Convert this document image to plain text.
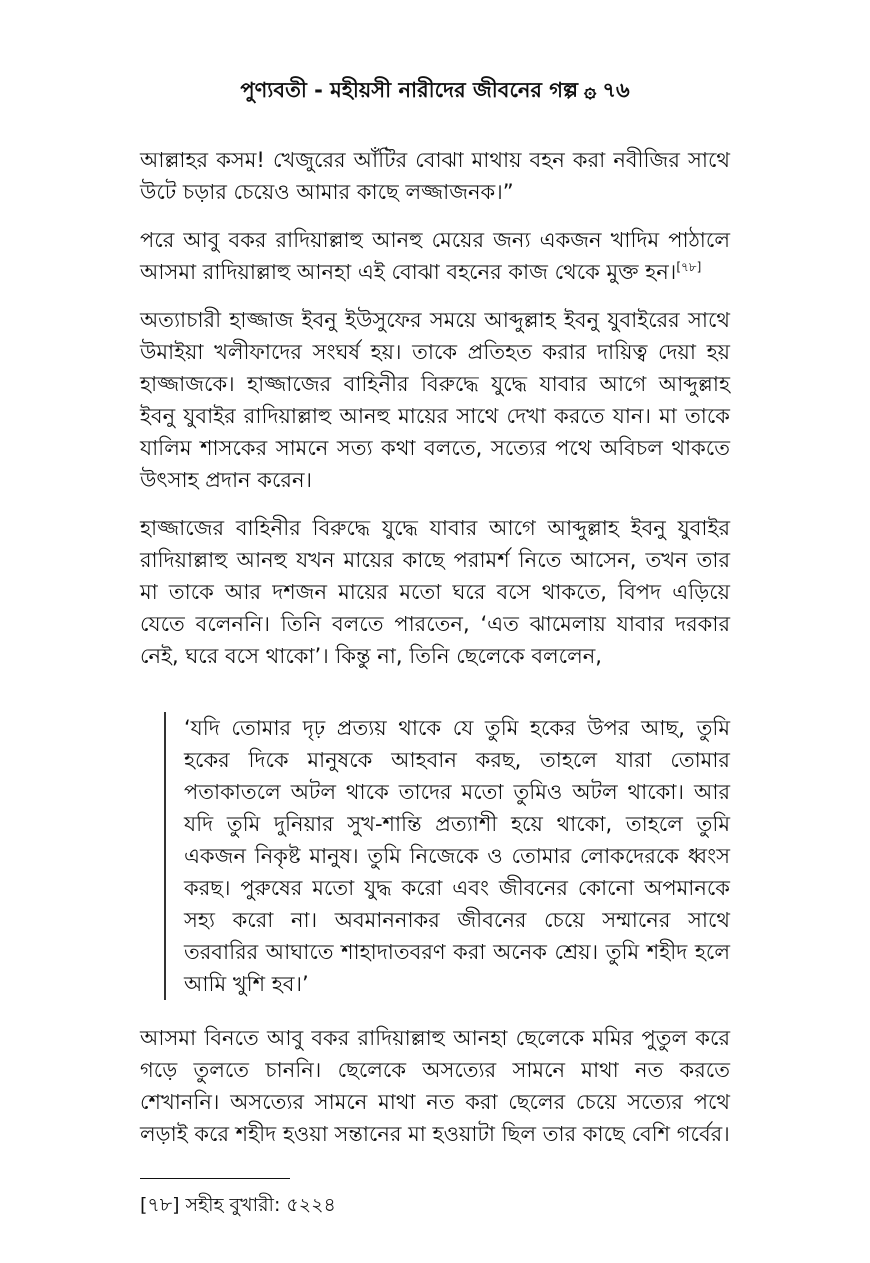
পুণ্যবতী - মহীয়সী নারীদের জীবনের গল্প ۞ ৭৬

আল্লাহর কসম! খেজুরের আঁটির বোঝা মাথায় বহন করা নবীজির সাথে উটে চড়ার চেয়েও আমার কাছে লজ্জাজনক।”

পরে আবু বকর রাদিয়াল্লাহু আনহু মেয়ের জন্য একজন খাদিম পাঠালে আসমা রাদিয়াল্লাহু আনহা এই বোঝা বহনের কাজ থেকে মুক্ত হন।[৭৮]

অত্যাচারী হাজ্জাজ ইবনু ইউসুফের সময়ে আব্দুল্লাহ ইবনু যুবাইরের সাথে উমাইয়া খলীফাদের সংঘর্ষ হয়। তাকে প্রতিহত করার দায়িত্ব দেয়া হয় হাজ্জাজকে। হাজ্জাজের বাহিনীর বিরুদ্ধে যুদ্ধে যাবার আগে আব্দুল্লাহ ইবনু যুবাইর রাদিয়াল্লাহু আনহু মায়ের সাথে দেখা করতে যান। মা তাকে যালিম শাসকের সামনে সত্য কথা বলতে, সত্যের পথে অবিচল থাকতে উৎসাহ প্রদান করেন।

হাজ্জাজের বাহিনীর বিরুদ্ধে যুদ্ধে যাবার আগে আব্দুল্লাহ ইবনু যুবাইর রাদিয়াল্লাহু আনহু যখন মায়ের কাছে পরামর্শ নিতে আসেন, তখন তার মা তাকে আর দশজন মায়ের মতো ঘরে বসে থাকতে, বিপদ এড়িয়ে যেতে বলেননি। তিনি বলতে পারতেন, ‘এত ঝামেলায় যাবার দরকার নেই, ঘরে বসে থাকো’। কিন্তু না, তিনি ছেলেকে বললেন,

‘যদি তোমার দৃঢ় প্রত্যয় থাকে যে তুমি হকের উপর আছ, তুমি হকের দিকে মানুষকে আহবান করছ, তাহলে যারা তোমার পতাকাতলে অটল থাকে তাদের মতো তুমিও অটল থাকো। আর যদি তুমি দুনিয়ার সুখ-শান্তি প্রত্যাশী হয়ে থাকো, তাহলে তুমি একজন নিকৃষ্ট মানুষ। তুমি নিজেকে ও তোমার লোকদেরকে ধ্বংস করছ। পুরুষের মতো যুদ্ধ করো এবং জীবনের কোনো অপমানকে সহ্য করো না। অবমাননাকর জীবনের চেয়ে সম্মানের সাথে তরবারির আঘাতে শাহাদাতবরণ করা অনেক শ্রেয়। তুমি শহীদ হলে আমি খুশি হব।’

আসমা বিনতে আবু বকর রাদিয়াল্লাহু আনহা ছেলেকে মমির পুতুল করে গড়ে তুলতে চাননি। ছেলেকে অসত্যের সামনে মাথা নত করতে শেখাননি। অসত্যের সামনে মাথা নত করা ছেলের চেয়ে সত্যের পথে লড়াই করে শহীদ হওয়া সন্তানের মা হওয়াটা ছিল তার কাছে বেশি গর্বের।

[৭৮] সহীহ বুখারী: ৫২২৪
